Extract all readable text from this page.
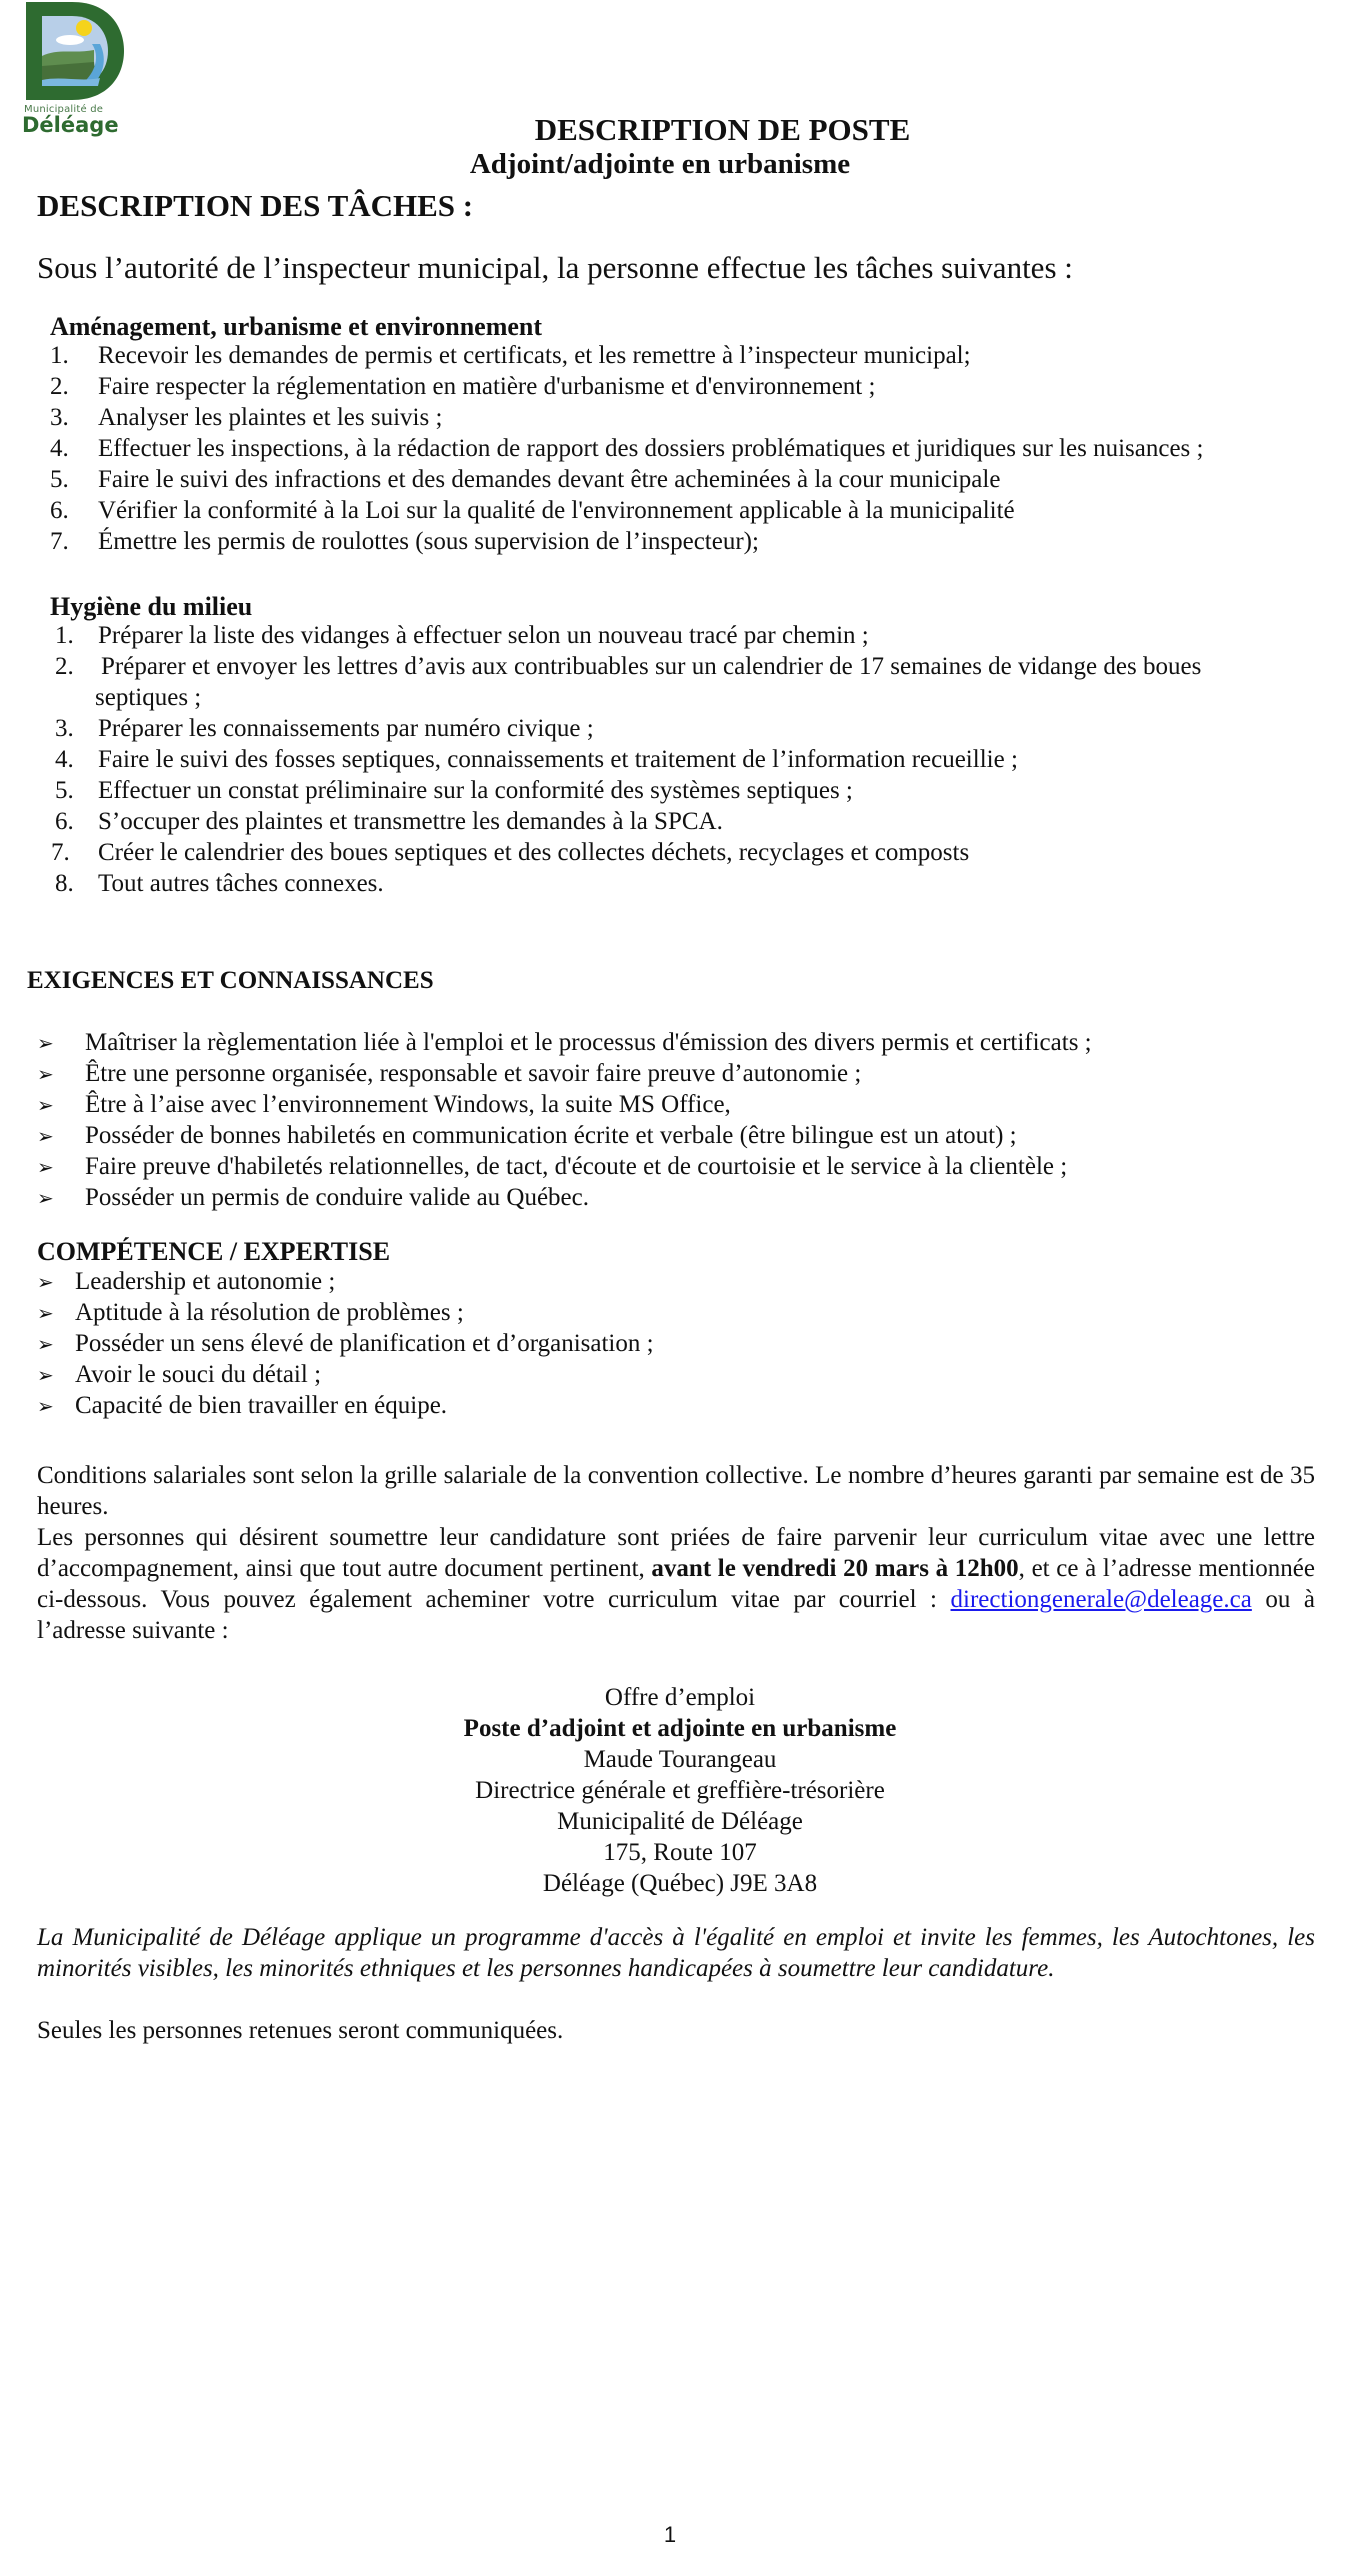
Municipalité de
Déléage	DESCRIPTION DE POSTE
Adjoint/adjointe en urbanisme
DESCRIPTION DES TÂCHES :
Sous l’autorité de l’inspecteur municipal, la personne effectue les tâches suivantes :
Aménagement, urbanisme et environnement
1. Recevoir les demandes de permis et certificats, et les remettre à l’inspecteur municipal;
2. Faire respecter la réglementation en matière d'urbanisme et d'environnement ;
3. Analyser les plaintes et les suivis ;
4. Effectuer les inspections, à la rédaction de rapport des dossiers problématiques et juridiques sur les nuisances ;
5. Faire le suivi des infractions et des demandes devant être acheminées à la cour municipale
6. Vérifier la conformité à la Loi sur la qualité de l'environnement applicable à la municipalité
7. Émettre les permis de roulottes (sous supervision de l’inspecteur);
Hygiène du milieu
1. Préparer la liste des vidanges à effectuer selon un nouveau tracé par chemin ;
2. Préparer et envoyer les lettres d’avis aux contribuables sur un calendrier de 17 semaines de vidange des boues
septiques ;
3. Préparer les connaissements par numéro civique ;
4. Faire le suivi des fosses septiques, connaissements et traitement de l’information recueillie ;
5. Effectuer un constat préliminaire sur la conformité des systèmes septiques ;
6. S’occuper des plaintes et transmettre les demandes à la SPCA.
7. Créer le calendrier des boues septiques et des collectes déchets, recyclages et composts
8. Tout autres tâches connexes.
EXIGENCES ET CONNAISSANCES
➢ Maîtriser la règlementation liée à l'emploi et le processus d'émission des divers permis et certificats ;
➢ Être une personne organisée, responsable et savoir faire preuve d’autonomie ;
➢ Être à l’aise avec l’environnement Windows, la suite MS Office,
➢ Posséder de bonnes habiletés en communication écrite et verbale (être bilingue est un atout) ;
➢ Faire preuve d'habiletés relationnelles, de tact, d'écoute et de courtoisie et le service à la clientèle ;
➢ Posséder un permis de conduire valide au Québec.
COMPÉTENCE / EXPERTISE
➢ Leadership et autonomie ;
➢ Aptitude à la résolution de problèmes ;
➢ Posséder un sens élevé de planification et d’organisation ;
➢ Avoir le souci du détail ;
➢ Capacité de bien travailler en équipe.
Conditions salariales sont selon la grille salariale de la convention collective. Le nombre d’heures garanti par semaine est de 35 heures.
Les personnes qui désirent soumettre leur candidature sont priées de faire parvenir leur curriculum vitae avec une lettre d’accompagnement, ainsi que tout autre document pertinent, avant le vendredi 20 mars à 12h00, et ce à l’adresse mentionnée ci-dessous. Vous pouvez également acheminer votre curriculum vitae par courriel : directiongenerale@deleage.ca ou à l’adresse suivante :
Offre d’emploi
Poste d’adjoint et adjointe en urbanisme
Maude Tourangeau
Directrice générale et greffière-trésorière
Municipalité de Déléage
175, Route 107
Déléage (Québec) J9E 3A8
La Municipalité de Déléage applique un programme d'accès à l'égalité en emploi et invite les femmes, les Autochtones, les minorités visibles, les minorités ethniques et les personnes handicapées à soumettre leur candidature.
Seules les personnes retenues seront communiquées.
1
